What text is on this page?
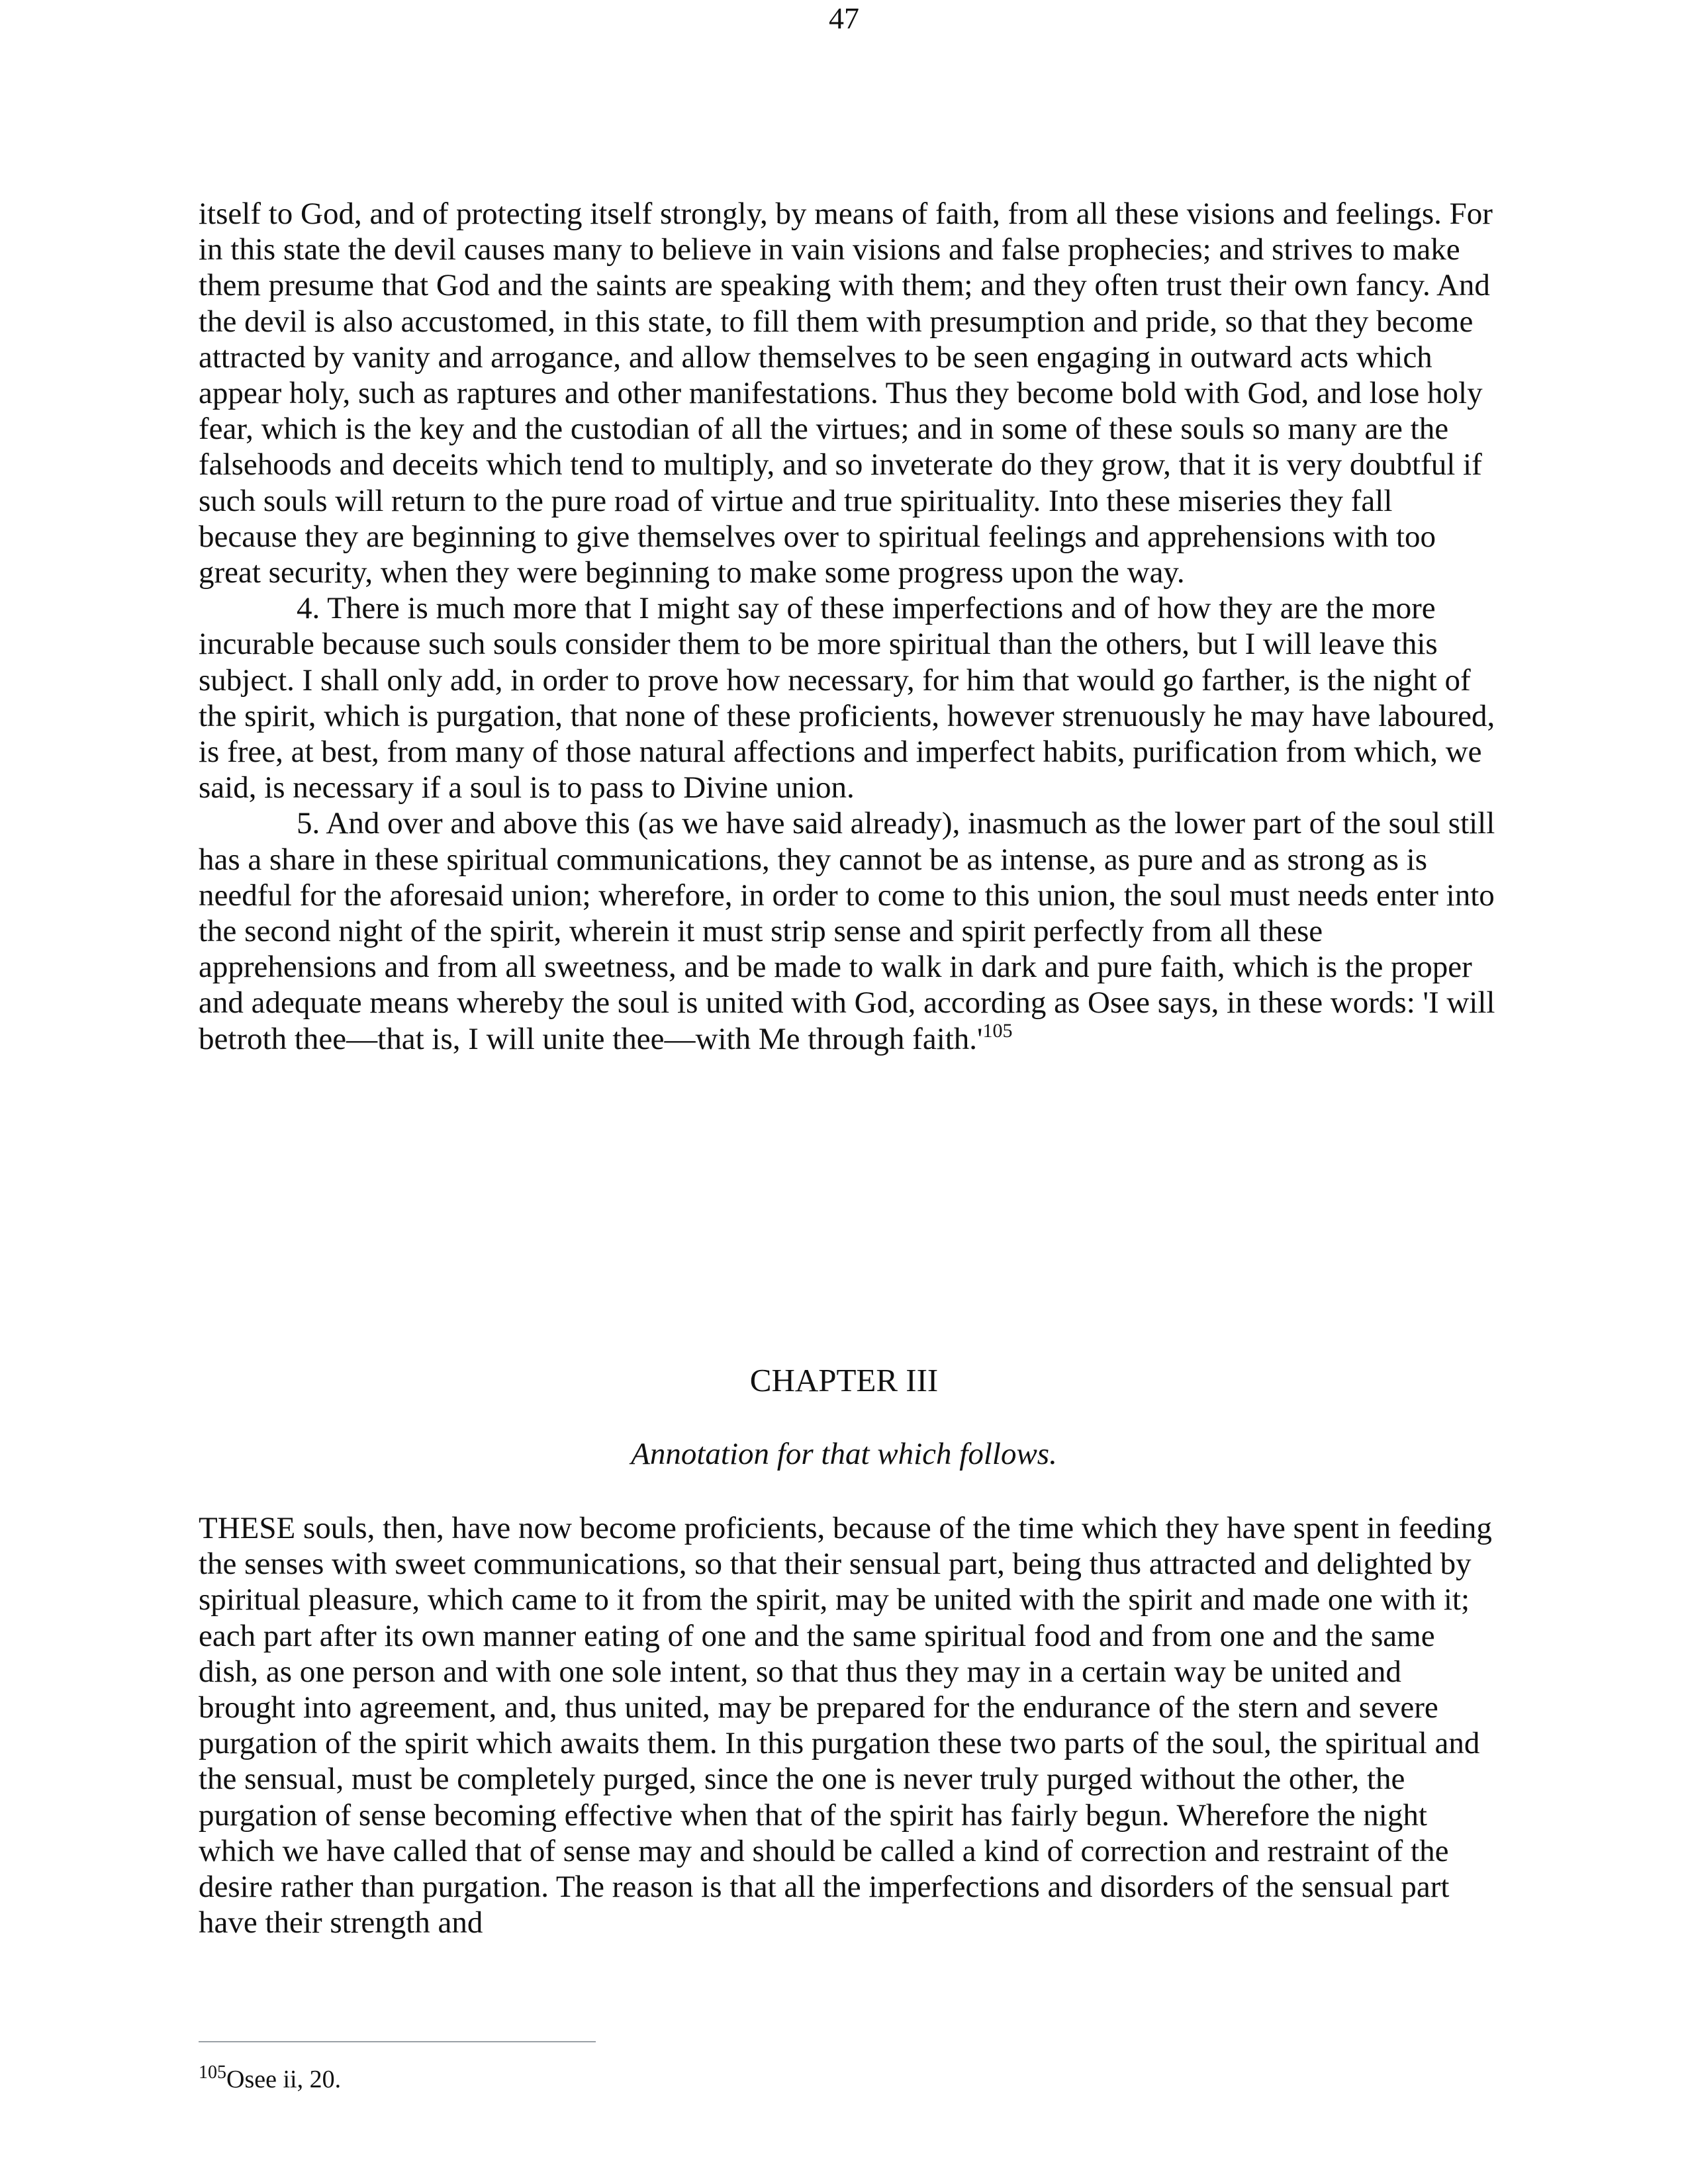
47

itself to God, and of protecting itself strongly, by means of faith, from all these visions and feelings. For in this state the devil causes many to believe in vain visions and false prophecies; and strives to make them presume that God and the saints are speaking with them; and they often trust their own fancy. And the devil is also accustomed, in this state, to fill them with presumption and pride, so that they become attracted by vanity and arrogance, and allow themselves to be seen engaging in outward acts which appear holy, such as raptures and other manifestations. Thus they become bold with God, and lose holy fear, which is the key and the custodian of all the virtues; and in some of these souls so many are the falsehoods and deceits which tend to multiply, and so inveterate do they grow, that it is very doubtful if such souls will return to the pure road of virtue and true spirituality. Into these miseries they fall because they are beginning to give themselves over to spiritual feelings and apprehensions with too great security, when they were beginning to make some progress upon the way.

4. There is much more that I might say of these imperfections and of how they are the more incurable because such souls consider them to be more spiritual than the others, but I will leave this subject. I shall only add, in order to prove how necessary, for him that would go farther, is the night of the spirit, which is purgation, that none of these proficients, however strenuously he may have laboured, is free, at best, from many of those natural affections and imperfect habits, purification from which, we said, is necessary if a soul is to pass to Divine union.

5. And over and above this (as we have said already), inasmuch as the lower part of the soul still has a share in these spiritual communications, they cannot be as intense, as pure and as strong as is needful for the aforesaid union; wherefore, in order to come to this union, the soul must needs enter into the second night of the spirit, wherein it must strip sense and spirit perfectly from all these apprehensions and from all sweetness, and be made to walk in dark and pure faith, which is the proper and adequate means whereby the soul is united with God, according as Osee says, in these words: 'I will betroth thee—that is, I will unite thee—with Me through $faith.'^{105}$

CHAPTER III
Annotation for that which follows.

THESE souls, then, have now become proficients, because of the time which they have spent in feeding the senses with sweet communications, so that their sensual part, being thus attracted and delighted by spiritual pleasure, which came to it from the spirit, may be united with the spirit and made one with it; each part after its own manner eating of one and the same spiritual food and from one and the same dish, as one person and with one sole intent, so that thus they may in a certain way be united and brought into agreement, and, thus united, may be prepared for the endurance of the stern and severe purgation of the spirit which awaits them. In this purgation these two parts of the soul, the spiritual and the sensual, must be completely purged, since the one is never truly purged without the other, the purgation of sense becoming effective when that of the spirit has fairly begun. Wherefore the night which we have called that of sense may and should be called a kind of correction and restraint of the desire rather than purgation. The reason is that all the imperfections and disorders of the sensual part have their strength and

$^{105}$Osee ii, 20.
